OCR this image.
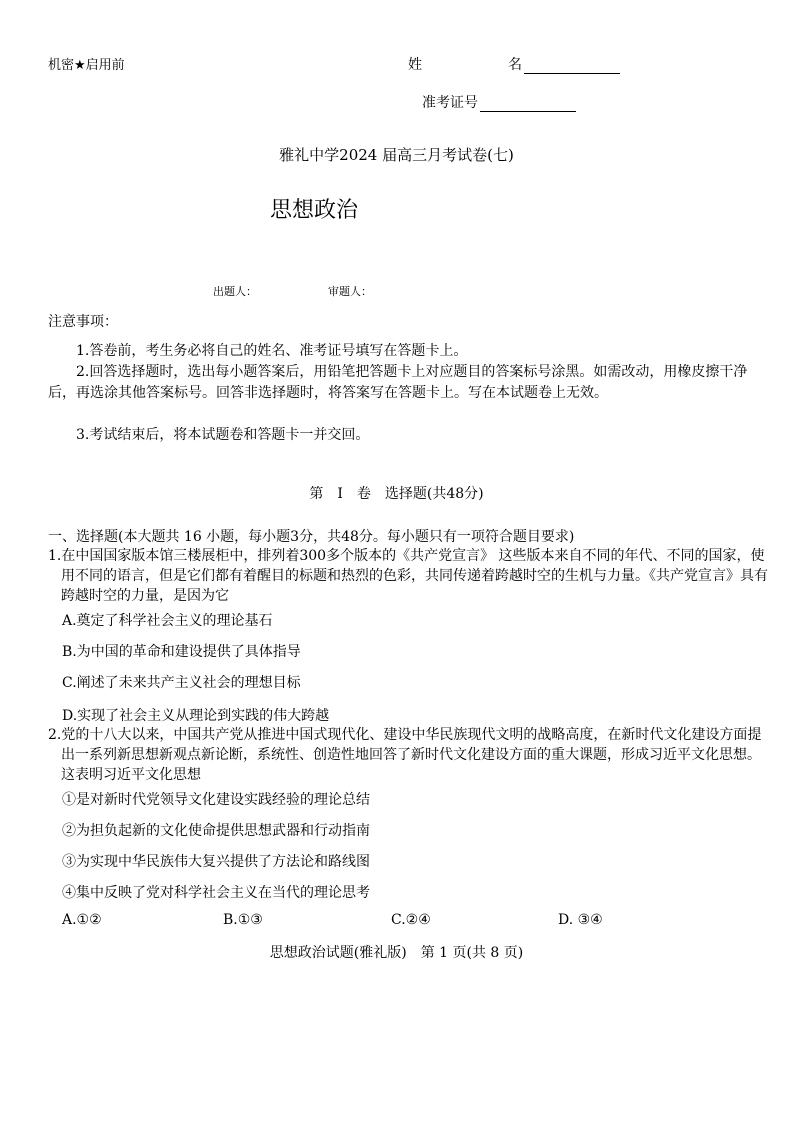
机密★启用前	姓　名
准考证号
雅礼中学2024 届高三月考试卷(七)
思想政治
出题人：	审题人：
注意事项：
1.答卷前，考生务必将自己的姓名、准考证号填写在答题卡上。
2.回答选择题时，选出每小题答案后，用铅笔把答题卡上对应题目的答案标号涂黑。如需改动，用橡皮擦干净后，再选涂其他答案标号。回答非选择题时，将答案写在答题卡上。写在本试题卷上无效。
3.考试结束后，将本试题卷和答题卡一并交回。
第　I　卷　选择题(共48分)
一、选择题(本大题共 16 小题，每小题3分，共48分。每小题只有一项符合题目要求)
1.在中国国家版本馆三楼展柜中，排列着300多个版本的《共产党宣言》 这些版本来自不同的年代、不同的国家，使用不同的语言，但是它们都有着醒目的标题和热烈的色彩，共同传递着跨越时空的生机与力量。《共产党宣言》具有跨越时空的力量，是因为它
A.奠定了科学社会主义的理论基石
B.为中国的革命和建设提供了具体指导
C.阐述了未来共产主义社会的理想目标
D.实现了社会主义从理论到实践的伟大跨越
2.党的十八大以来，中国共产党从推进中国式现代化、建设中华民族现代文明的战略高度，在新时代文化建设方面提出一系列新思想新观点新论断，系统性、创造性地回答了新时代文化建设方面的重大课题，形成习近平文化思想。这表明习近平文化思想
①是对新时代党领导文化建设实践经验的理论总结
②为担负起新的文化使命提供思想武器和行动指南
③为实现中华民族伟大复兴提供了方法论和路线图
④集中反映了党对科学社会主义在当代的理论思考
A.①②	B.①③	C.②④	D. ③④
思想政治试题(雅礼版)　第 1 页(共 8 页)
